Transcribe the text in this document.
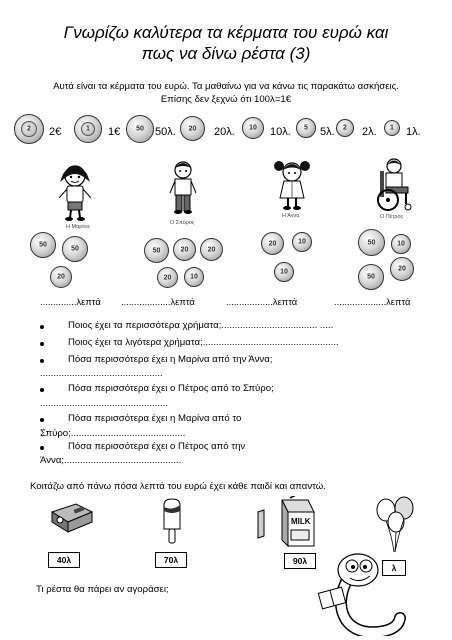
Γνωρίζω καλύτερα τα κέρματα του ευρώ και
πως να δίνω ρέστα (3)
Αυτά είναι τα κέρματα του ευρώ. Τα μαθαίνω για να κάνω τις παρακάτω ασκήσεις.
Επίσης δεν ξεχνώ ότι 100λ=1€
2	2€	1	1€	50	50λ.	20	20λ.	10	10λ.	5	5λ.	2	2λ.	1	1λ.
Η Μαρίνα
Ο Σπύρος
Η Άννα	Ο Πέτρος
50
50
20
50	20	20
20	10
20	10
10
50	10
50
20
..............λεπτά ...................λεπτά	..................λεπτά	....................λεπτά
Ποιος έχει τα περισσότερα χρήματα;.................................... .....
Ποιος έχει τα λιγότερα χρήματα;...................................................
Πόσα περισσότερα έχει η Μαρίνα από την Άννα;
..............................................
Πόσα περισσότερα έχει ο Πέτρος από το Σπύρο;
................................................
Πόσα περισσότερα έχει η Μαρίνα από το
Σπύρο;...........................................
Πόσα περισσότερα έχει ο Πέτρος από την
Άννα;............................................
Κοιτάζω από πάνω πόσα λεπτά του ευρώ έχει κάθε παιδί και απαντώ.
40λ	70λ
MILK
90λ
λ
Τι ρέστα θα πάρει αν αγοράσει;
